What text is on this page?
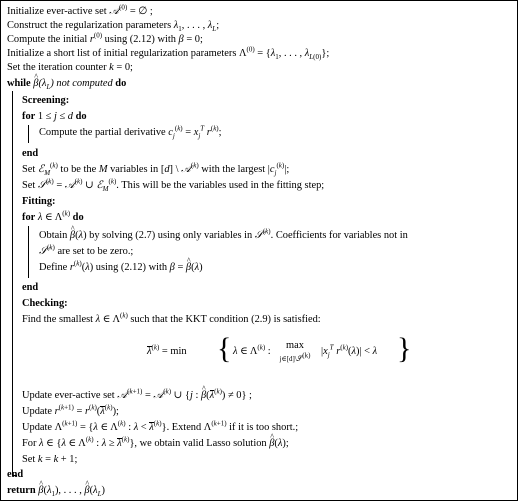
Initialize ever-active set 𝒜$^{(0)}$ = ∅ ;
Construct the regularization parameters $\lambda_1$, . . . , $\lambda_L$;
Compute the initial $r^{(0)}$ using (2.12) with β = 0;
Initialize a short list of initial regularization parameters $\Lambda^{(0)} = \{\lambda_1$, . . . , $\lambda_{L(0)}$};
Set the iteration counter k = 0;
while ^ $\beta(\lambda_L)$ not computed do
Screening:
for 1 ≤ j ≤ d do
Compute the partial derivative $c_j^{(k)} = x_j^T$ $r^{(k)}$;
end
Set ℰ$_M^{(k)}$ to be the M variables in [d] \ 𝒜$^{(k)}$ with the largest $|c_j^{(k)}|$;
Set 𝒮$^{(k)}$ = 𝒜$^{(k)}$ ∪ ℰ$_M^{(k)}$. This will be the variables used in the fitting step;
Fitting:
for λ ∈ $\Lambda^{(k)}$ do
Obtain ^ β(λ) by solving (2.7) using only variables in 𝒮$^{(k)}$. Coefficients for variables not in
𝒮$^{(k)}$ are set to be zero.;
Define $r^{(k)}(\lambda)$ using (2.12) with β = ^ β(λ)
end
Checking:
Find the smallest λ ∈ $\Lambda^{(k)}$ such that the KKT condition (2.9) is satisfied:
$\lambda^{(k)} = \min$ { λ ∈ $\Lambda^{(k)}$ :
max
j∈[d]\𝒮$^{(k)}$	$|x_j^T$ $r^{(k)}(\lambda)| < \lambda$ }
Update ever-active set 𝒜$^{(k+1)}$ = 𝒜$^{(k)}$ ∪ {j : ^ $\beta(\lambda^{(k)}) \ne 0$} ;
Update $r^{(k+1)} = r^{(k)}(\lambda^{(k)})$;
Update $\Lambda^{(k+1)} = \{\lambda$ ∈ $\Lambda^{(k)}$ : $\lambda < \lambda^{(k)}$}. Extend $\Lambda^{(k+1)}$ if it is too short.;
For λ ∈ {λ ∈ $\Lambda^{(k)}$ : $\lambda \ge \lambda^{(k)}$}, we obtain valid Lasso solution ^ β(λ);
Set k = k + 1;
end
return ^ $\beta(\lambda_1)$, . . . , ^ $\beta(\lambda_L)$
